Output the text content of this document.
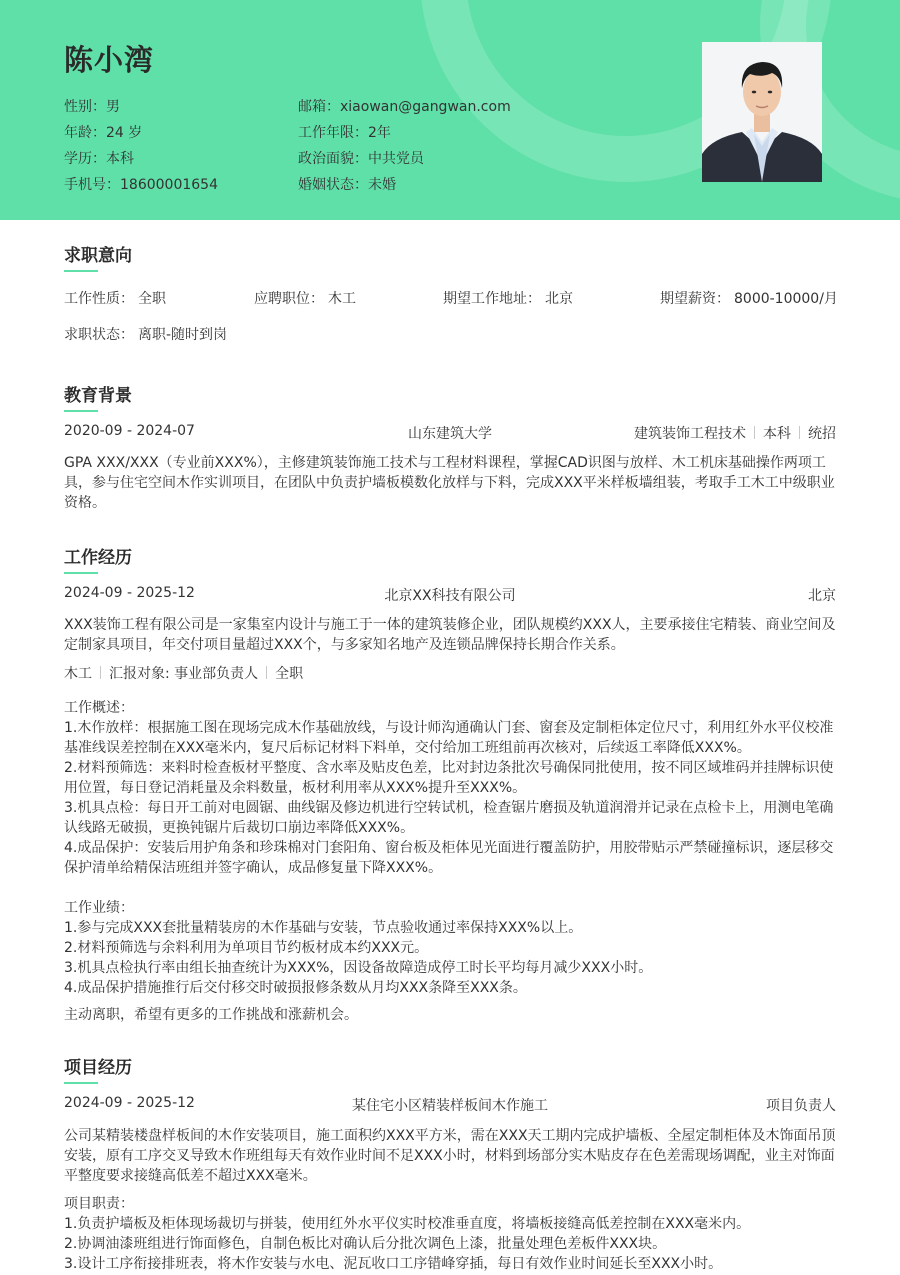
陈小湾
性别：男
年龄：24 岁
学历：本科
手机号：18600001654
邮箱：xiaowan@gangwan.com
工作年限：2年
政治面貌：中共党员
婚姻状态：未婚
求职意向
工作性质： 全职	应聘职位： 木工	期望工作地址： 北京	期望薪资： 8000-10000/月
求职状态： 离职-随时到岗
教育背景
2020-09 - 2024-07	山东建筑大学	建筑装饰工程技术 本科 统招

GPA XXX/XXX（专业前XXX%），主修建筑装饰施工技术与工程材料课程，掌握CAD识图与放样、木工机床基础操作两项工具，参与住宅空间木作实训项目，在团队中负责护墙板模数化放样与下料，完成XXX平米样板墙组装，考取手工木工中级职业资格。

工作经历
2024-09 - 2025-12	北京XX科技有限公司	北京

XXX装饰工程有限公司是一家集室内设计与施工于一体的建筑装修企业，团队规模约XXX人，主要承接住宅精装、商业空间及定制家具项目，年交付项目量超过XXX个，与多家知名地产及连锁品牌保持长期合作关系。

木工 汇报对象: 事业部负责人 全职

工作概述：

1.木作放样：根据施工图在现场完成木作基础放线，与设计师沟通确认门套、窗套及定制柜体定位尺寸，利用红外水平仪校准基准线误差控制在XXX毫米内，复尺后标记材料下料单，交付给加工班组前再次核对，后续返工率降低XXX%。

2.材料预筛选：来料时检查板材平整度、含水率及贴皮色差，比对封边条批次号确保同批使用，按不同区域堆码并挂牌标识使用位置，每日登记消耗量及余料数量，板材利用率从XXX%提升至XXX%。

3.机具点检：每日开工前对电圆锯、曲线锯及修边机进行空转试机，检查锯片磨损及轨道润滑并记录在点检卡上，用测电笔确认线路无破损，更换钝锯片后裁切口崩边率降低XXX%。

4.成品保护：安装后用护角条和珍珠棉对门套阳角、窗台板及柜体见光面进行覆盖防护，用胶带贴示严禁碰撞标识，逐层移交保护清单给精保洁班组并签字确认，成品修复量下降XXX%。

工作业绩：

1.参与完成XXX套批量精装房的木作基础与安装，节点验收通过率保持XXX%以上。

2.材料预筛选与余料利用为单项目节约板材成本约XXX元。

3.机具点检执行率由组长抽查统计为XXX%，因设备故障造成停工时长平均每月减少XXX小时。

4.成品保护措施推行后交付移交时破损报修条数从月均XXX条降至XXX条。

主动离职，希望有更多的工作挑战和涨薪机会。

项目经历
2024-09 - 2025-12	某住宅小区精装样板间木作施工	项目负责人

公司某精装楼盘样板间的木作安装项目，施工面积约XXX平方米，需在XXX天工期内完成护墙板、全屋定制柜体及木饰面吊顶安装，原有工序交叉导致木作班组每天有效作业时间不足XXX小时，材料到场部分实木贴皮存在色差需现场调配，业主对饰面平整度要求接缝高低差不超过XXX毫米。

项目职责：

1.负责护墙板及柜体现场裁切与拼装，使用红外水平仪实时校准垂直度，将墙板接缝高低差控制在XXX毫米内。

2.协调油漆班组进行饰面修色，自制色板比对确认后分批次调色上漆，批量处理色差板件XXX块。

3.设计工序衔接排班表，将木作安装与水电、泥瓦收口工序错峰穿插，每日有效作业时间延长至XXX小时。
